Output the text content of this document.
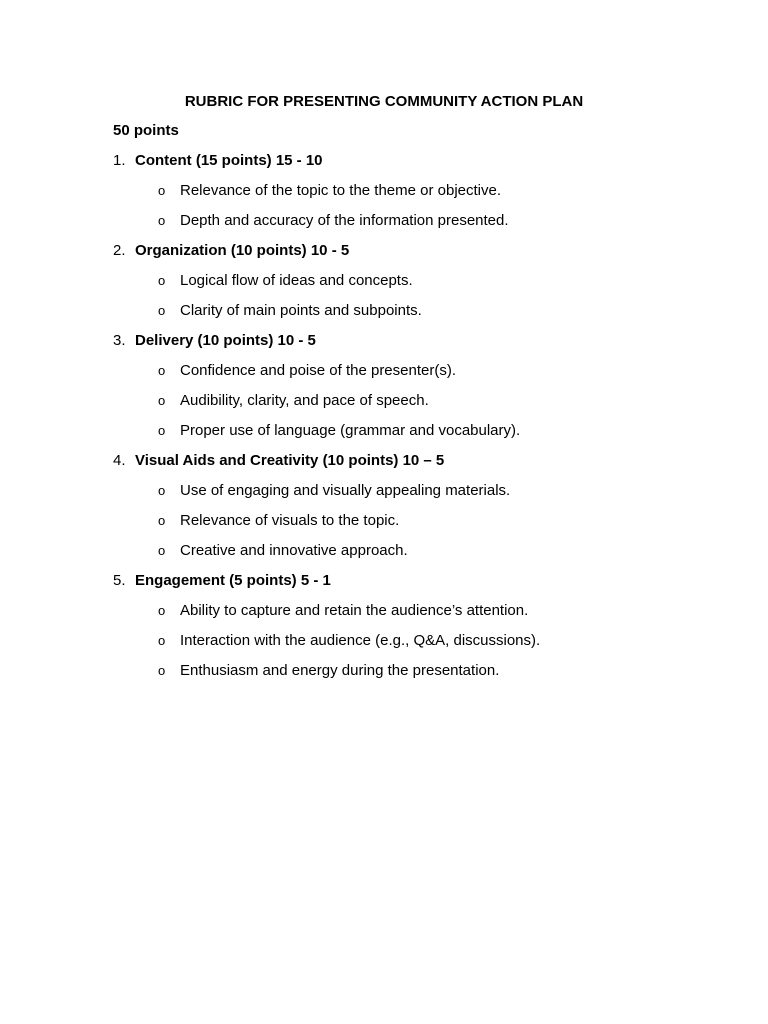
RUBRIC FOR PRESENTING COMMUNITY ACTION PLAN
50 points
1. Content (15 points) 15 - 10
o Relevance of the topic to the theme or objective.
o Depth and accuracy of the information presented.
2. Organization (10 points) 10 - 5
o Logical flow of ideas and concepts.
o Clarity of main points and subpoints.
3. Delivery (10 points) 10 - 5
o Confidence and poise of the presenter(s).
o Audibility, clarity, and pace of speech.
o Proper use of language (grammar and vocabulary).
4. Visual Aids and Creativity (10 points) 10 – 5
o Use of engaging and visually appealing materials.
o Relevance of visuals to the topic.
o Creative and innovative approach.
5. Engagement (5 points) 5 - 1
o Ability to capture and retain the audience’s attention.
o Interaction with the audience (e.g., Q&A, discussions).
o Enthusiasm and energy during the presentation.
